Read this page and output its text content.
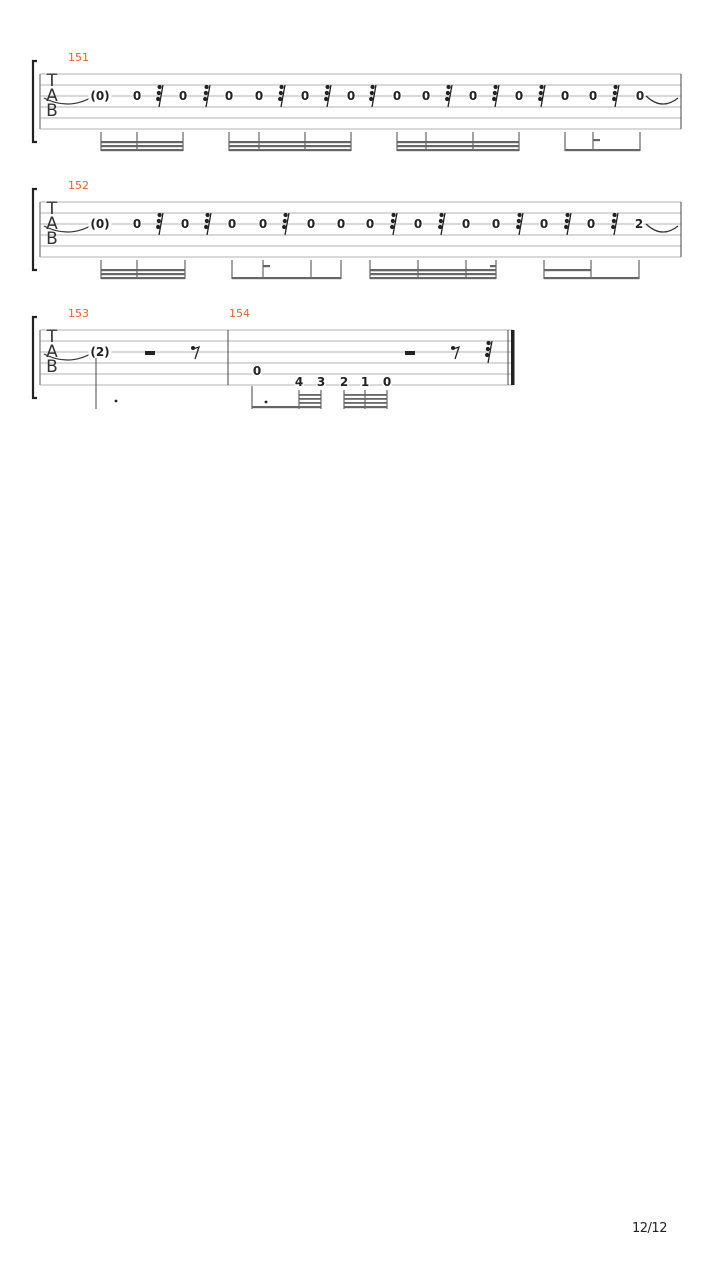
T
A
B
151
(0) 0	0	0 0	0	0	0 0	0	0	0 0	0
T
A
B
152
(0) 0	0	0 0	0 0 0	0	0 0	0	0	2
T
A
B
153
(2)
154
0
4 3 2 1 0
12/12
